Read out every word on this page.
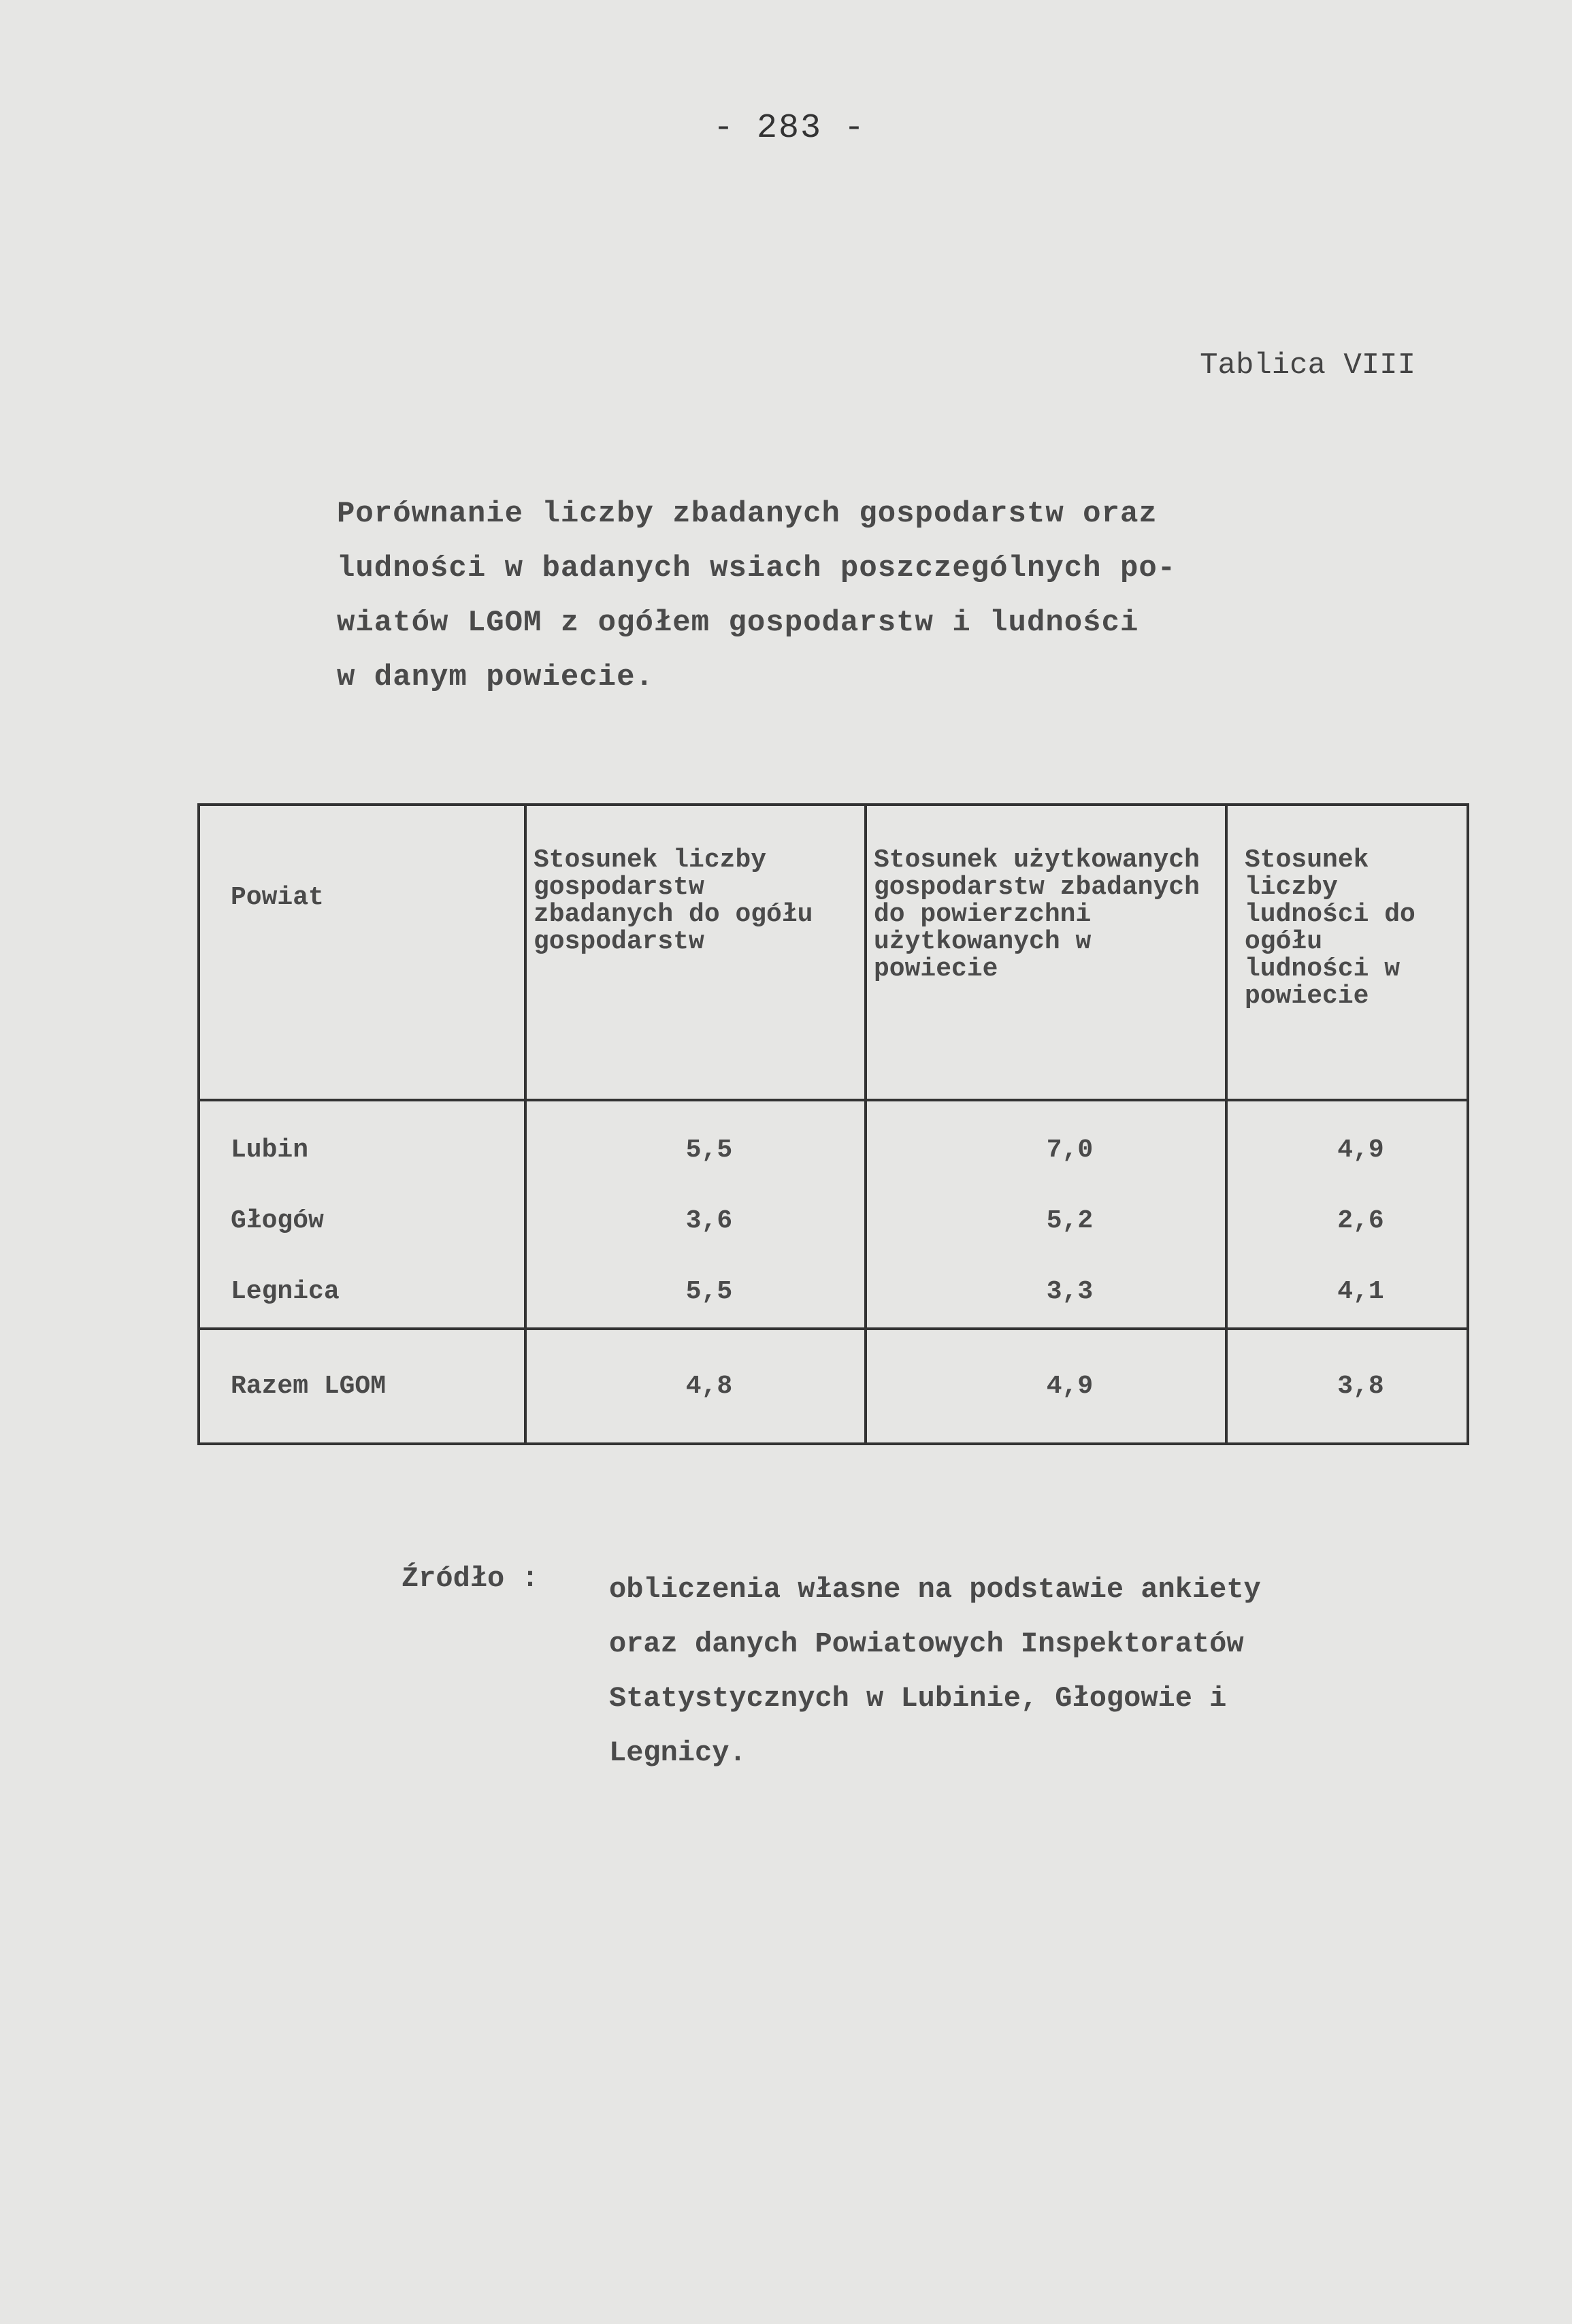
- 283 -
Tablica VIII
Porównanie liczby zbadanych gospodarstw oraz
ludności w badanych wsiach poszczególnych po-
wiatów LGOM z ogółem gospodarstw i ludności
w danym powiecie.
Powiat	Stosunek liczby gospodarstw zbadanych do ogółu gospodarstw	Stosunek użytkowanych gospodarstw zbadanych do powierzchni użytkowanych w powiecie	Stosunek liczby ludności do ogółu ludności w powiecie

Lubin	5,5	7,0	4,9
Głogów	3,6	5,2	2,6
Legnica	5,5	3,3	4,1
Razem LGOM	4,8	4,9	3,8
Źródło : obliczenia własne na podstawie ankiety
oraz danych Powiatowych Inspektoratów
Statystycznych w Lubinie, Głogowie i
Legnicy.
